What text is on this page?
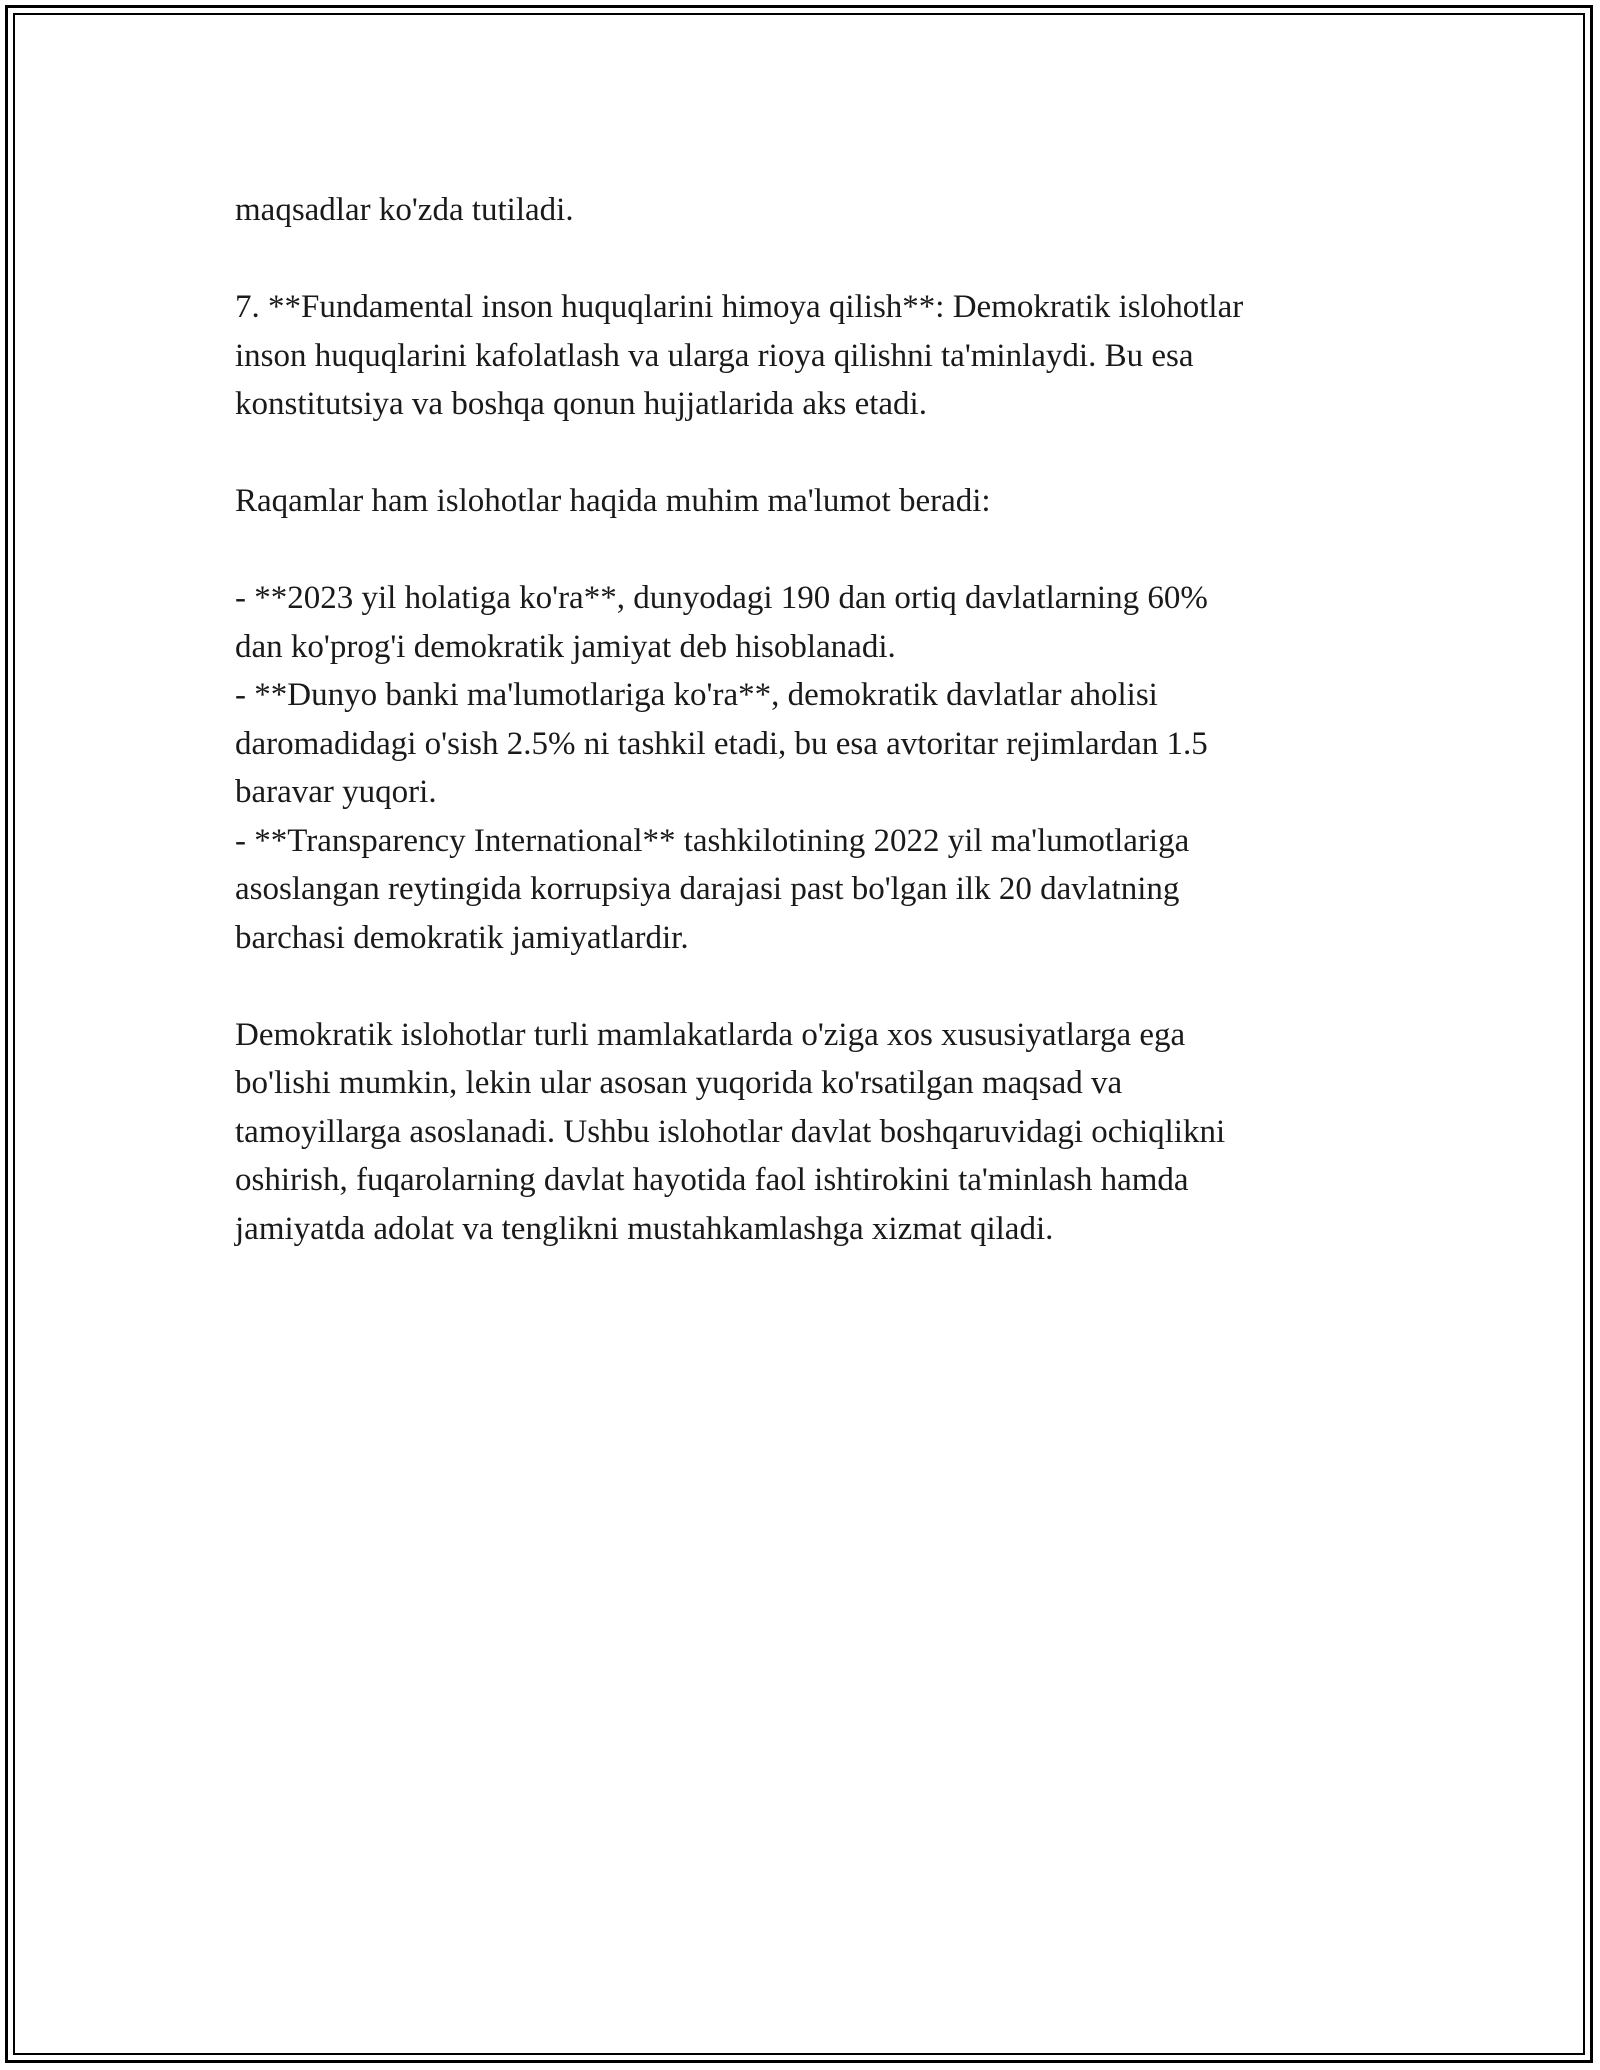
maqsadlar ko'zda tutiladi.

7. **Fundamental inson huquqlarini himoya qilish**: Demokratik islohotlar

inson huquqlarini kafolatlash va ularga rioya qilishni ta'minlaydi. Bu esa

konstitutsiya va boshqa qonun hujjatlarida aks etadi.

Raqamlar ham islohotlar haqida muhim ma'lumot beradi:

- **2023 yil holatiga ko'ra**, dunyodagi 190 dan ortiq davlatlarning 60%

dan ko'prog'i demokratik jamiyat deb hisoblanadi.

- **Dunyo banki ma'lumotlariga ko'ra**, demokratik davlatlar aholisi

daromadidagi o'sish 2.5% ni tashkil etadi, bu esa avtoritar rejimlardan 1.5

baravar yuqori.

- **Transparency International** tashkilotining 2022 yil ma'lumotlariga

asoslangan reytingida korrupsiya darajasi past bo'lgan ilk 20 davlatning

barchasi demokratik jamiyatlardir.

Demokratik islohotlar turli mamlakatlarda o'ziga xos xususiyatlarga ega

bo'lishi mumkin, lekin ular asosan yuqorida ko'rsatilgan maqsad va

tamoyillarga asoslanadi. Ushbu islohotlar davlat boshqaruvidagi ochiqlikni

oshirish, fuqarolarning davlat hayotida faol ishtirokini ta'minlash hamda

jamiyatda adolat va tenglikni mustahkamlashga xizmat qiladi.
